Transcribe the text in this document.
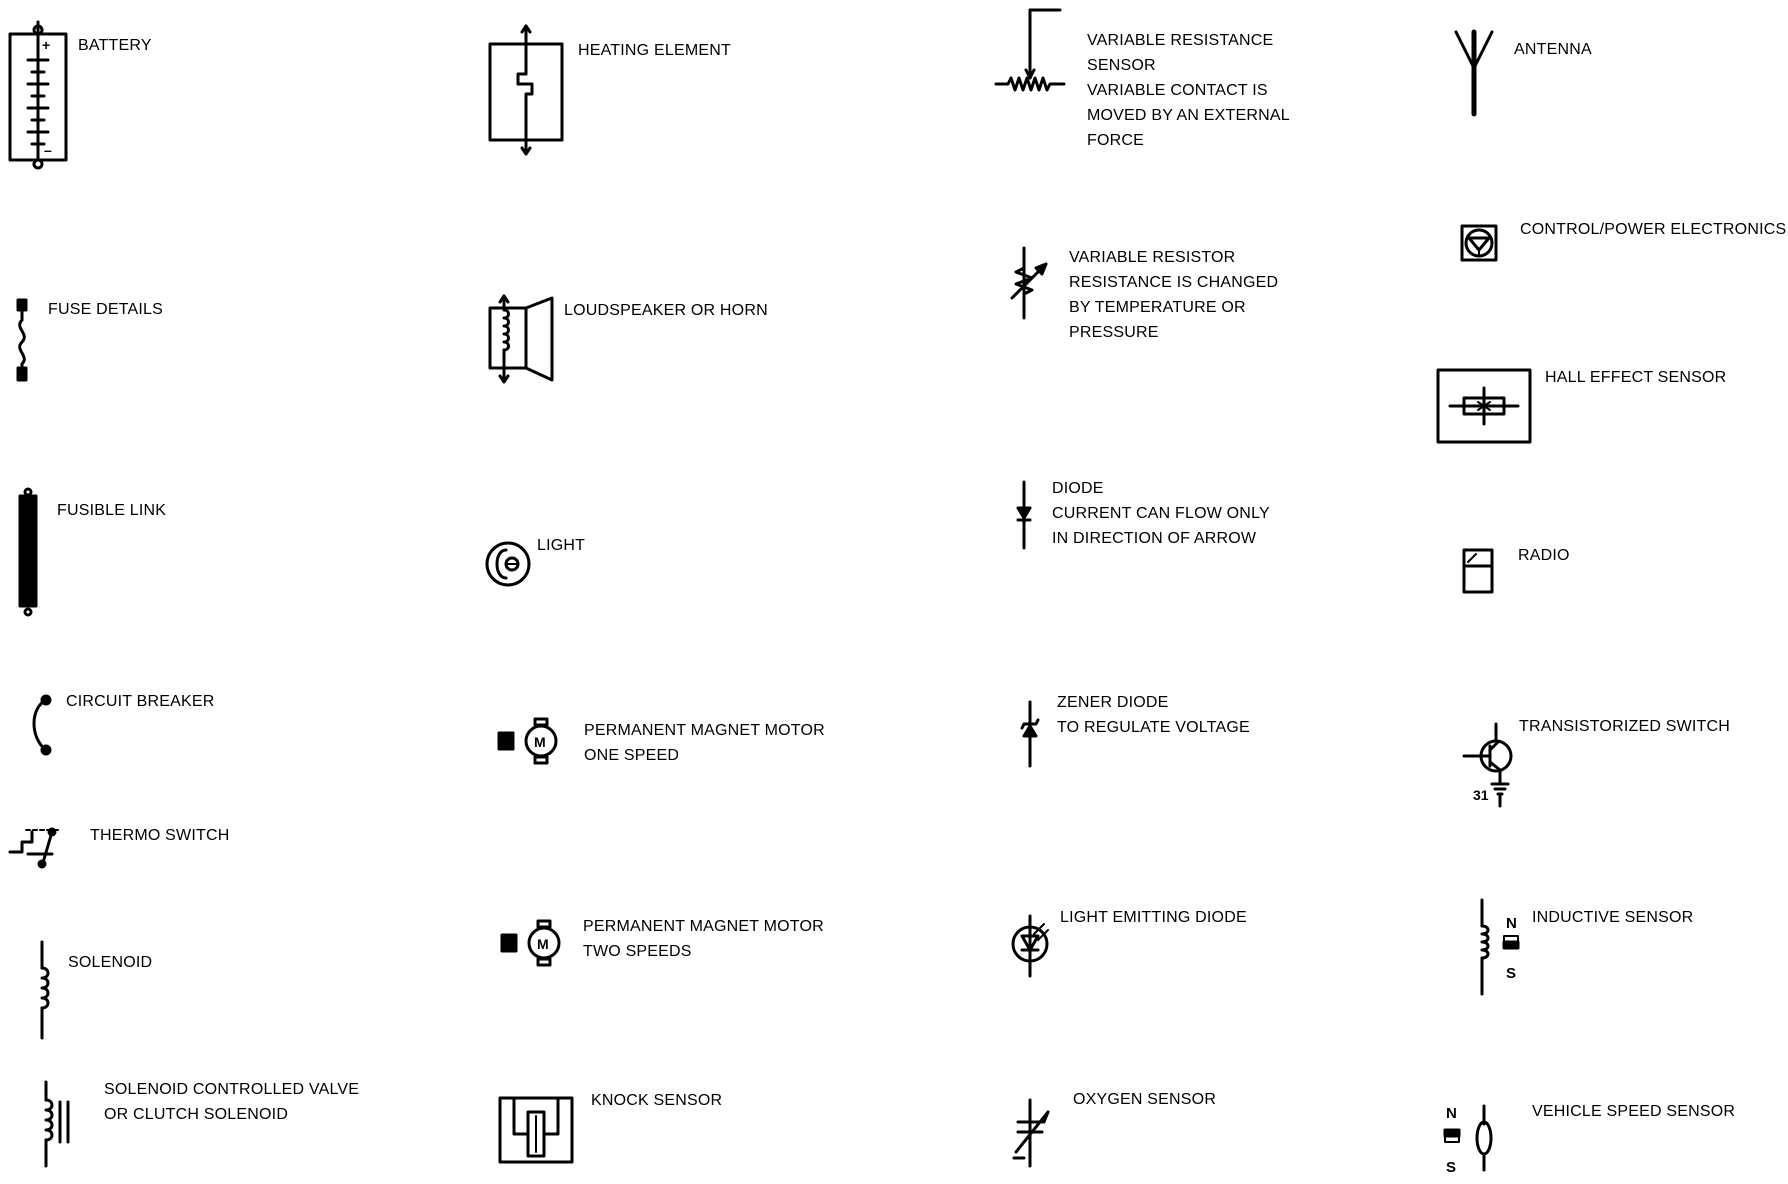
+
–
BATTERY
FUSE DETAILS
FUSIBLE LINK
CIRCUIT BREAKER
THERMO SWITCH
SOLENOID
SOLENOID CONTROLLED VALVE
OR CLUTCH SOLENOID
HEATING ELEMENT
LOUDSPEAKER OR HORN
LIGHT
M
PERMANENT MAGNET MOTOR
ONE SPEED
M
PERMANENT MAGNET MOTOR
TWO SPEEDS
KNOCK SENSOR
VARIABLE RESISTANCE
SENSOR
VARIABLE CONTACT IS
MOVED BY AN EXTERNAL
FORCE
VARIABLE RESISTOR
RESISTANCE IS CHANGED
BY TEMPERATURE OR
PRESSURE
DIODE
CURRENT CAN FLOW ONLY
IN DIRECTION OF ARROW
ZENER DIODE
TO REGULATE VOLTAGE
LIGHT EMITTING DIODE
OXYGEN SENSOR
ANTENNA
CONTROL/POWER ELECTRONICS
HALL EFFECT SENSOR
RADIO
31
TRANSISTORIZED SWITCH
N
S
INDUCTIVE SENSOR
N
S
VEHICLE SPEED SENSOR
